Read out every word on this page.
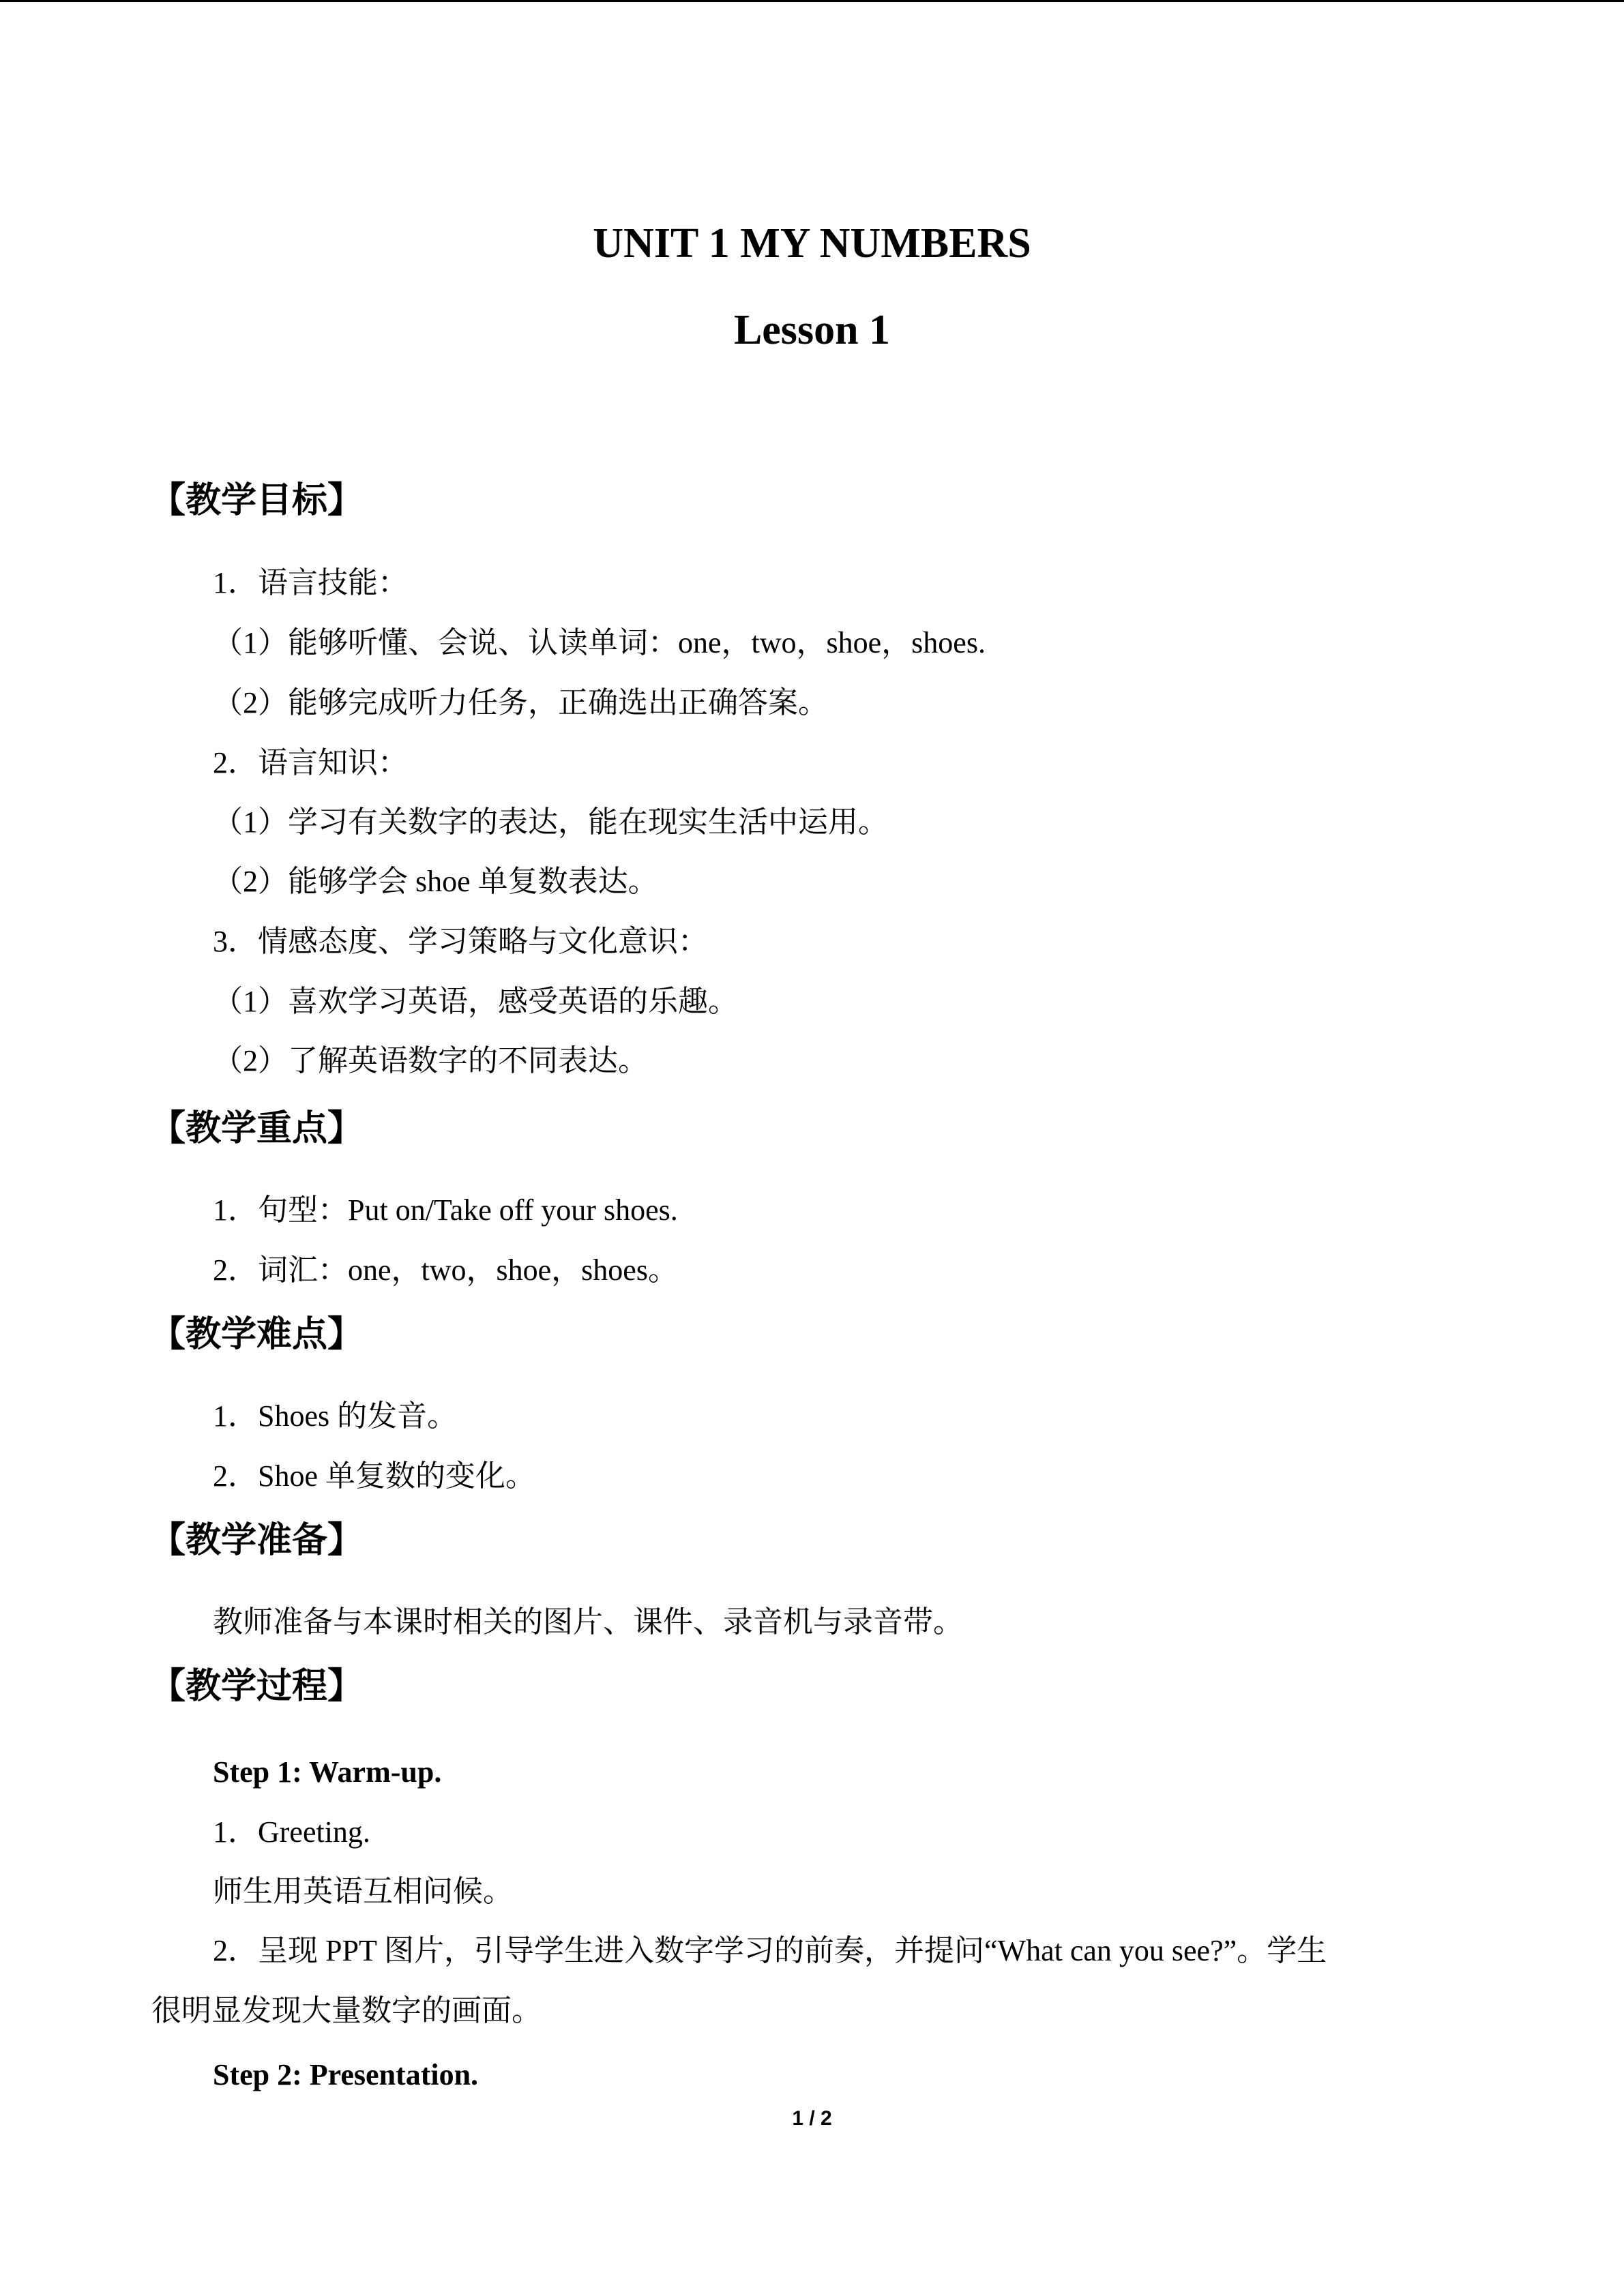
UNIT 1 MY NUMBERS
Lesson 1
【教学目标】
1．语言技能：
（1）能够听懂、会说、认读单词：one，two，shoe，shoes.
（2）能够完成听力任务，正确选出正确答案。
2．语言知识：
（1）学习有关数字的表达，能在现实生活中运用。
（2）能够学会 shoe 单复数表达。
3．情感态度、学习策略与文化意识：
（1）喜欢学习英语，感受英语的乐趣。
（2）了解英语数字的不同表达。
【教学重点】
1．句型：Put on/Take off your shoes.
2．词汇：one，two，shoe，shoes。
【教学难点】
1．Shoes 的发音。
2．Shoe 单复数的变化。
【教学准备】
教师准备与本课时相关的图片、课件、录音机与录音带。
【教学过程】
Step 1: Warm-up.
1．Greeting.
师生用英语互相问候。
2．呈现 PPT 图片，引导学生进入数字学习的前奏，并提问“What can you see?”。学生
很明显发现大量数字的画面。
Step 2: Presentation.
1 / 2
